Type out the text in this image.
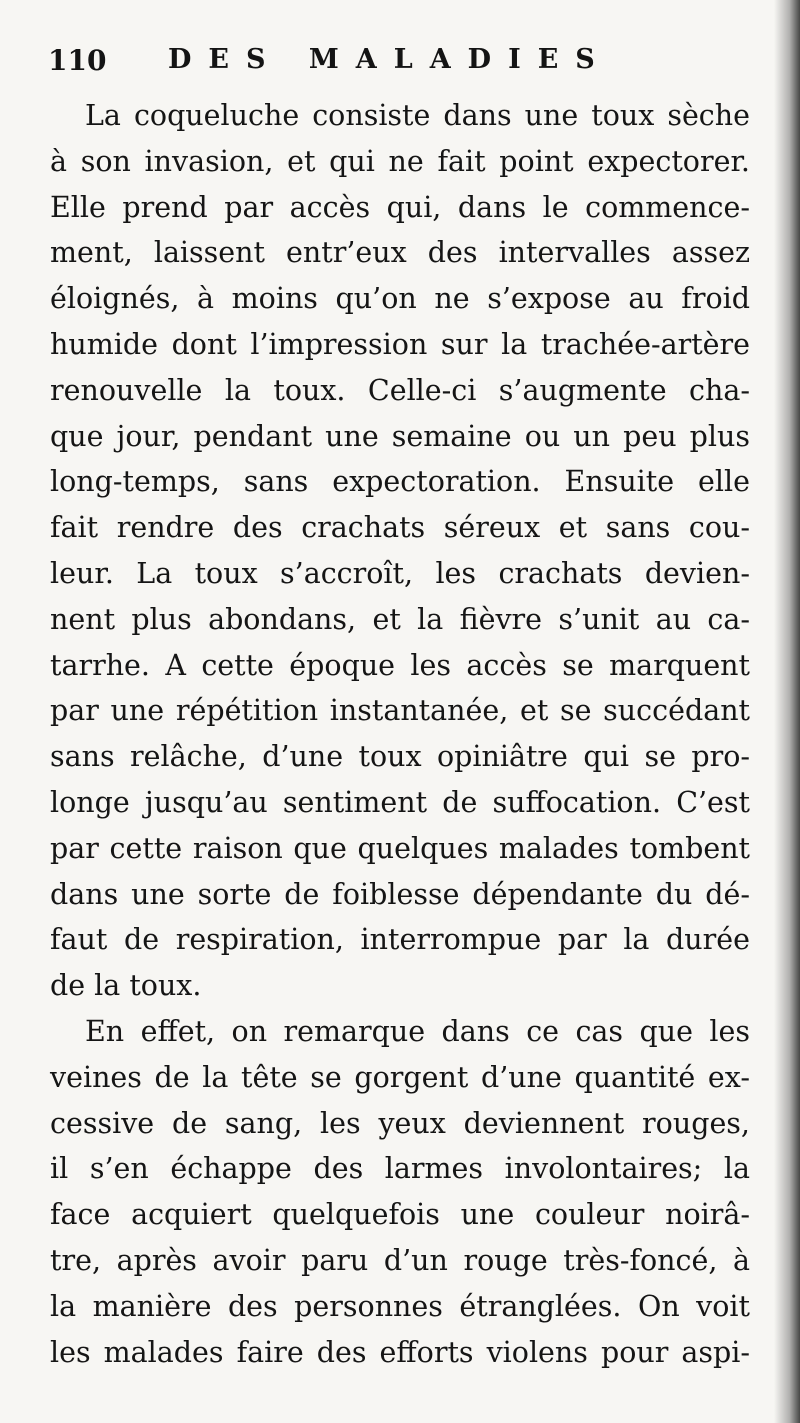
110 DES MALADIES
La coqueluche consiste dans une toux sèche
à son invasion, et qui ne fait point expectorer.
Elle prend par accès qui, dans le commence-
ment, laissent entr’eux des intervalles assez
éloignés, à moins qu’on ne s’expose au froid
humide dont l’impression sur la trachée-artère
renouvelle la toux. Celle-ci s’augmente cha-
que jour, pendant une semaine ou un peu plus
long-temps, sans expectoration. Ensuite elle
fait rendre des crachats séreux et sans cou-
leur. La toux s’accroît, les crachats devien-
nent plus abondans, et la fièvre s’unit au ca-
tarrhe. A cette époque les accès se marquent
par une répétition instantanée, et se succédant
sans relâche, d’une toux opiniâtre qui se pro-
longe jusqu’au sentiment de suffocation. C’est
par cette raison que quelques malades tombent
dans une sorte de foiblesse dépendante du dé-
faut de respiration, interrompue par la durée
de la toux.
En effet, on remarque dans ce cas que les
veines de la tête se gorgent d’une quantité ex-
cessive de sang, les yeux deviennent rouges,
il s’en échappe des larmes involontaires; la
face acquiert quelquefois une couleur noirâ-
tre, après avoir paru d’un rouge très-foncé, à
la manière des personnes étranglées. On voit
les malades faire des efforts violens pour aspi-
